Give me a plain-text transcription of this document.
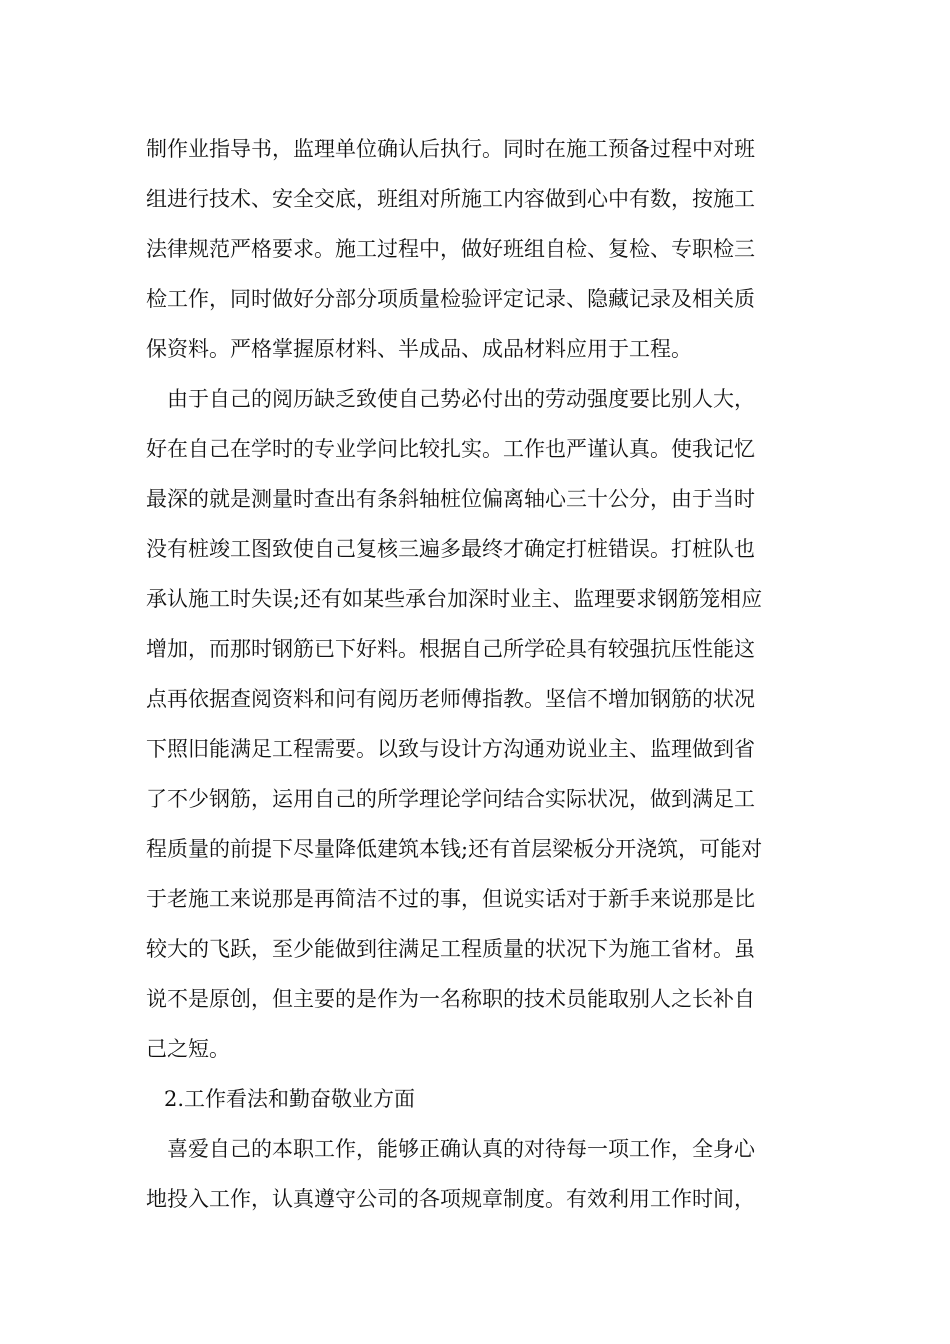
制作业指导书，监理单位确认后执行。同时在施工预备过程中对班
组进行技术、安全交底，班组对所施工内容做到心中有数，按施工
法律规范严格要求。施工过程中，做好班组自检、复检、专职检三
检工作，同时做好分部分项质量检验评定记录、隐藏记录及相关质
保资料。严格掌握原材料、半成品、成品材料应用于工程。
由于自己的阅历缺乏致使自己势必付出的劳动强度要比别人大，
好在自己在学时的专业学问比较扎实。工作也严谨认真。使我记忆
最深的就是测量时查出有条斜轴桩位偏离轴心三十公分，由于当时
没有桩竣工图致使自己复核三遍多最终才确定打桩错误。打桩队也
承认施工时失误;还有如某些承台加深时业主、监理要求钢筋笼相应
增加，而那时钢筋已下好料。根据自己所学砼具有较强抗压性能这
点再依据查阅资料和问有阅历老师傅指教。坚信不增加钢筋的状况
下照旧能满足工程需要。以致与设计方沟通劝说业主、监理做到省
了不少钢筋，运用自己的所学理论学问结合实际状况，做到满足工
程质量的前提下尽量降低建筑本钱;还有首层梁板分开浇筑，可能对
于老施工来说那是再简洁不过的事，但说实话对于新手来说那是比
较大的飞跃，至少能做到往满足工程质量的状况下为施工省材。虽
说不是原创，但主要的是作为一名称职的技术员能取别人之长补自
己之短。
2.工作看法和勤奋敬业方面
喜爱自己的本职工作，能够正确认真的对待每一项工作，全身心
地投入工作，认真遵守公司的各项规章制度。有效利用工作时间，
